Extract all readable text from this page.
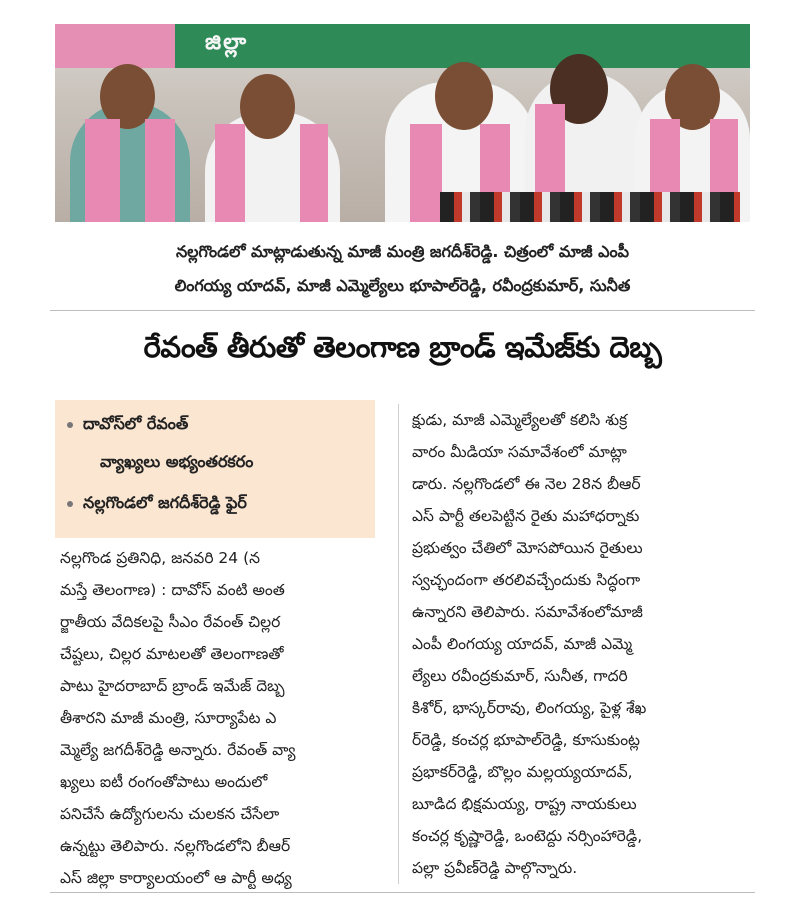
జిల్లా
నల్లగొండలో మాట్లాడుతున్న మాజీ మంత్రి జగదీశ్‌రెడ్డి. చిత్రంలో మాజీ ఎంపీ
లింగయ్య యాదవ్, మాజీ ఎమ్మెల్యేలు భూపాల్‌రెడ్డి, రవీంద్రకుమార్, సునీత
రేవంత్ తీరుతో తెలంగాణ బ్రాండ్ ఇమేజ్‌కు దెబ్బ
దావోస్‌లో రేవంత్
వ్యాఖ్యలు అభ్యంతరకరం
నల్లగొండలో జగదీశ్‌రెడ్డి ఫైర్
నల్లగొండ ప్రతినిధి, జనవరి 24 (న
మస్తే తెలంగాణ) : దావోస్ వంటి అంత
ర్జాతీయ వేదికలపై సీఎం రేవంత్ చిల్లర
చేష్టలు, చిల్లర మాటలతో తెలంగాణతో
పాటు హైదరాబాద్ బ్రాండ్ ఇమేజ్ దెబ్బ
తీశారని మాజీ మంత్రి, సూర్యాపేట ఎ
మ్మెల్యే జగదీశ్‌రెడ్డి అన్నారు. రేవంత్ వ్యా
ఖ్యలు ఐటీ రంగంతోపాటు అందులో
పనిచేసే ఉద్యోగులను చులకన చేసేలా
ఉన్నట్టు తెలిపారు. నల్లగొండలోని బీఆర్
ఎస్ జిల్లా కార్యాలయంలో ఆ పార్టీ అధ్య
క్షుడు, మాజీ ఎమ్మెల్యేలతో కలిసి శుక్ర
వారం మీడియా సమావేశంలో మాట్లా
డారు. నల్లగొండలో ఈ నెల 28న బీఆర్
ఎస్ పార్టీ తలపెట్టిన రైతు మహాధర్నాకు
ప్రభుత్వం చేతిలో మోసపోయిన రైతులు
స్వచ్ఛందంగా తరలివచ్చేందుకు సిద్ధంగా
ఉన్నారని తెలిపారు. సమావేశంలోమాజీ
ఎంపీ లింగయ్య యాదవ్, మాజీ ఎమ్మె
ల్యేలు రవీంద్రకుమార్, సునీత, గాదరి
కిశోర్, భాస్కర్‌రావు, లింగయ్య, పైళ్ల శేఖ
ర్‌రెడ్డి, కంచర్ల భూపాల్‌రెడ్డి, కూసుకుంట్ల
ప్రభాకర్‌రెడ్డి, బొల్లం మల్లయ్యయాదవ్,
బూడిద భిక్షమయ్య, రాష్ట్ర నాయకులు
కంచర్ల కృష్ణారెడ్డి, ఒంటెద్దు నర్సింహారెడ్డి,
పల్లా ప్రవీణ్‌రెడ్డి పాల్గొన్నారు.
